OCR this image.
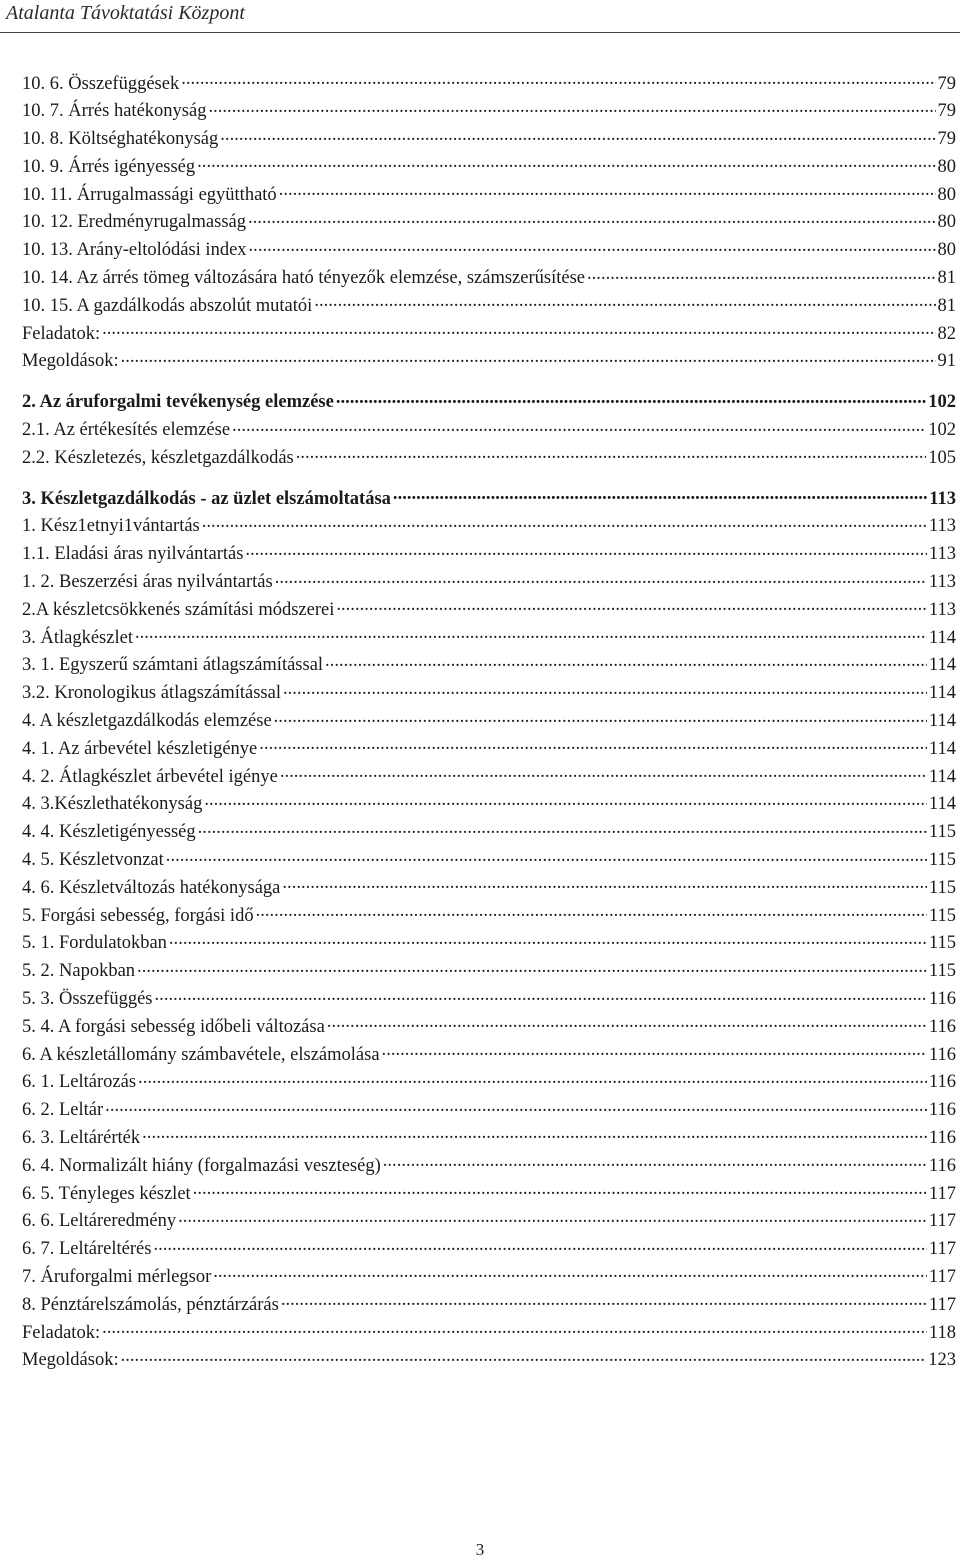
Atalanta Távoktatási Központ
10. 6. Összefüggések . . .	79
10. 7. Árrés hatékonyság . . .	79
10. 8. Költséghatékonyság . . .	79
10. 9. Árrés igényesség . . .	80
10. 11. Árrugalmassági együttható . . .	80
10. 12. Eredményrugalmasság . . .	80
10. 13. Arány-eltolódási index . . .	80
10. 14. Az árrés tömeg változására ható tényezők elemzése, számszerűsítése . . .	81
10. 15. A gazdálkodás abszolút mutatói . . .	81
Feladatok: . . .	82
Megoldások: . . .	91
2. Az áruforgalmi tevékenység elemzése . . .	102
2.1. Az értékesítés elemzése . . .	102
2.2. Készletezés, készletgazdálkodás . . .	105
3. Készletgazdálkodás - az üzlet elszámoltatása . . .	113
1. Kész1etnyi1vántartás . . .	113
1.1. Eladási áras nyilvántartás . . .	113
1. 2. Beszerzési áras nyilvántartás . . .	113
2.A készletcsökkenés számítási módszerei . . .	113
3. Átlagkészlet . . .	114
3. 1. Egyszerű számtani átlagszámítással . . .	114
3.2. Kronologikus átlagszámítással . . .	114
4. A készletgazdálkodás elemzése . . .	114
4. 1. Az árbevétel készletigénye . . .	114
4. 2. Átlagkészlet árbevétel igénye . . .	114
4. 3.Készlethatékonyság . . .	114
4. 4. Készletigényesség . . .	115
4. 5. Készletvonzat . . .	115
4. 6. Készletváltozás hatékonysága . . .	115
5. Forgási sebesség, forgási idő . . .	115
5. 1. Fordulatokban . . .	115
5. 2. Napokban . . .	115
5. 3. Összefüggés . . .	116
5. 4. A forgási sebesség időbeli változása . . .	116
6. A készletállomány számbavétele, elszámolása . . .	116
6. 1. Leltározás . . .	116
6. 2. Leltár . . .	116
6. 3. Leltárérték . . .	116
6. 4. Normalizált hiány (forgalmazási veszteség) . . .	116
6. 5. Tényleges készlet . . .	117
6. 6. Leltáreredmény . . .	117
6. 7. Leltáreltérés . . .	117
7. Áruforgalmi mérlegsor . . .	117
8. Pénztárelszámolás, pénztárzárás . . .	117
Feladatok: . . .	118
Megoldások: . . .	123
3
